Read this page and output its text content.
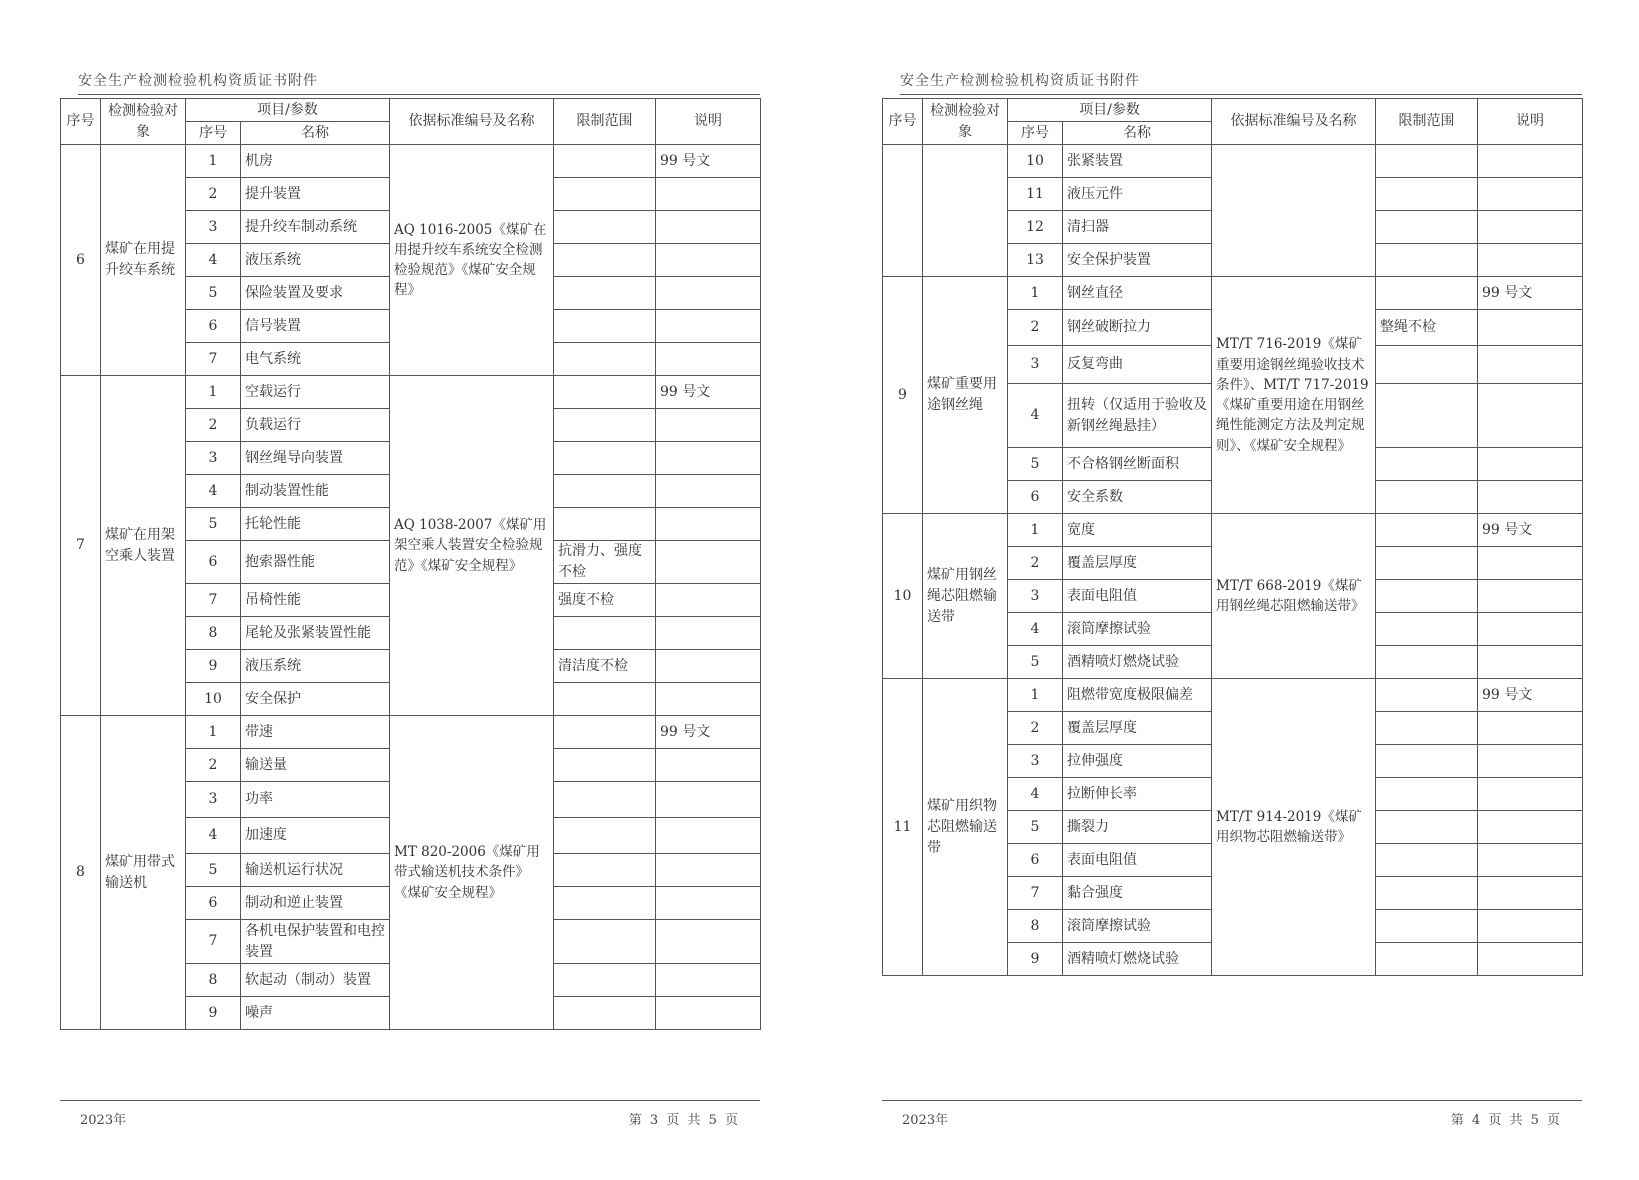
安全生产检测检验机构资质证书附件
序号	检测检验对象	项目/参数		依据标准编号及名称	限制范围	说明
		序号	名称			
6	煤矿在用提升绞车系统	1	机房	AQ 1016-2005《煤矿在用提升绞车系统安全检测检验规范》《煤矿安全规程》		99 号文
		2	提升装置			
		3	提升绞车制动系统			
		4	液压系统			
		5	保险装置及要求			
		6	信号装置			
		7	电气系统			
7	煤矿在用架空乘人装置	1	空载运行	AQ 1038-2007《煤矿用架空乘人装置安全检验规范》《煤矿安全规程》		99 号文
		2	负载运行			
		3	钢丝绳导向装置			
		4	制动装置性能			
		5	托轮性能			
		6	抱索器性能		抗滑力、强度不检	
		7	吊椅性能		强度不检	
		8	尾轮及张紧装置性能			
		9	液压系统		清洁度不检	
		10	安全保护			
8	煤矿用带式输送机	1	带速	MT 820-2006《煤矿用带式输送机技术条件》《煤矿安全规程》		99 号文
		2	输送量			
		3	功率			
		4	加速度			
		5	输送机运行状况			
		6	制动和逆止装置			
		7	各机电保护装置和电控装置			
		8	软起动（制动）装置			
		9	噪声			
2023年	第 3 页 共 5 页
安全生产检测检验机构资质证书附件
序号	检测检验对象	项目/参数		依据标准编号及名称	限制范围	说明
		序号	名称			
		10	张紧装置			
		11	液压元件			
		12	清扫器			
		13	安全保护装置			
9	煤矿重要用途钢丝绳	1	钢丝直径	MT/T 716-2019《煤矿重要用途钢丝绳验收技术条件》、MT/T 717-2019《煤矿重要用途在用钢丝绳性能测定方法及判定规则》、《煤矿安全规程》		99 号文
		2	钢丝破断拉力		整绳不检	
		3	反复弯曲			
		4	扭转（仅适用于验收及新钢丝绳悬挂）			
		5	不合格钢丝断面积			
		6	安全系数			
10	煤矿用钢丝绳芯阻燃输送带	1	宽度	MT/T 668-2019《煤矿用钢丝绳芯阻燃输送带》		99 号文
		2	覆盖层厚度			
		3	表面电阻值			
		4	滚筒摩擦试验			
		5	酒精喷灯燃烧试验			
11	煤矿用织物芯阻燃输送带	1	阻燃带宽度极限偏差	MT/T 914-2019《煤矿用织物芯阻燃输送带》		99 号文
		2	覆盖层厚度			
		3	拉伸强度			
		4	拉断伸长率			
		5	撕裂力			
		6	表面电阻值			
		7	黏合强度			
		8	滚筒摩擦试验			
		9	酒精喷灯燃烧试验			
2023年	第 4 页 共 5 页
